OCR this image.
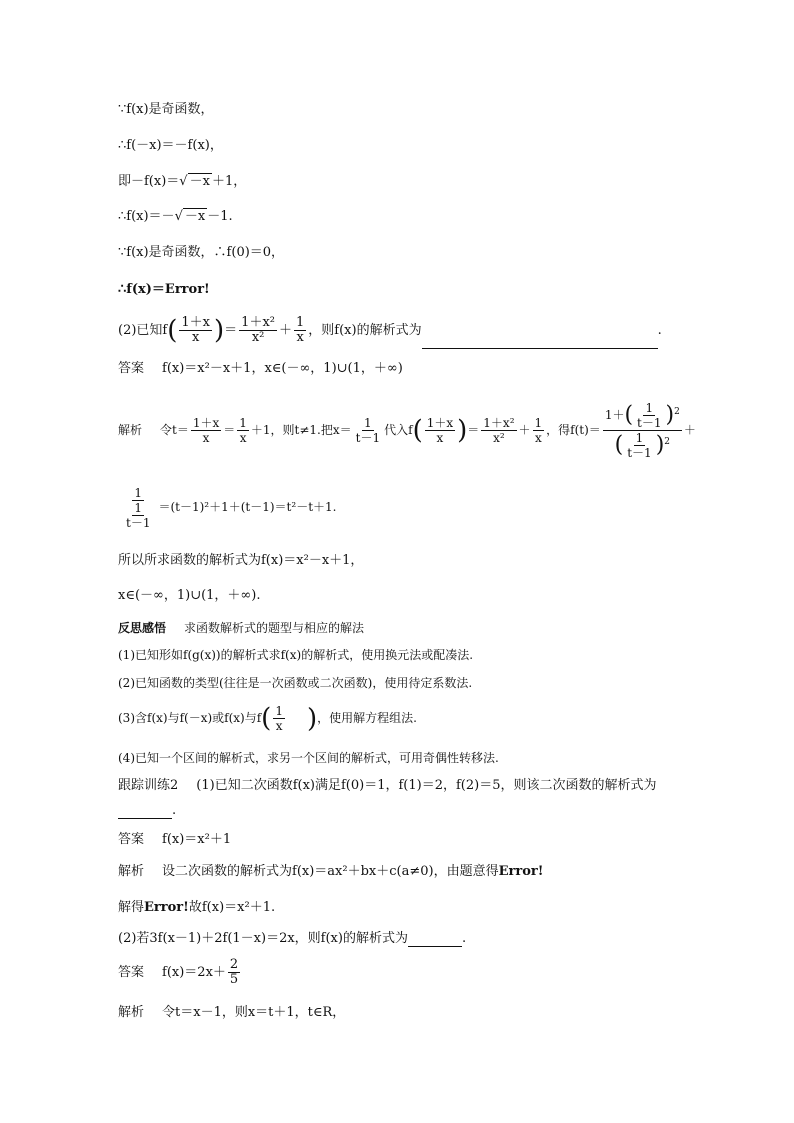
∵f(x)是奇函数，
∴f(－x)＝－f(x)，
即－f(x)＝√ －x ＋1，
∴f(x)＝－√ －x －1.
∵f(x)是奇函数，∴f(0)＝0，
∴f(x)＝Error!
(2)已知$f( \frac{1+x}{x}$ )＝ $\frac{\text{1＋x²}}{\text{x²}} + \frac{1}{x}$ ，则f(x)的解析式为	.
答案 f(x)＝x²－x＋1，x∈(－∞，1)∪(1，＋∞)
解析 令$t= \frac{1+x}{x} = \frac{1}{x} +1$，则t≠1.把$x= \frac{1}{t-1}$ 代入$f( \frac{1+x}{x}$ )＝ $\frac{\text{1＋x²}}{\text{x²}} + \frac{1}{x}$ ，得$f(t)= \frac{1+( \frac{1}{t-1} )^2}{( \frac{1}{t-1} )^2}$ ＋
$\frac{1}{\frac{1}{t-1}} =(t-1)^2+1+(t-1)=t^2-t+1$.
所以所求函数的解析式为f(x)＝x²－x＋1，
x∈(－∞，1)∪(1，＋∞).
反思感悟 求函数解析式的题型与相应的解法
(1)已知形如f(g(x))的解析式求f(x)的解析式，使用换元法或配凑法.
(2)已知函数的类型(往往是一次函数或二次函数)，使用待定系数法.
(3)含f(x)与f(－x)或f(x)与$f( \frac{1}{x}$ )，使用解方程组法.
(4)已知一个区间的解析式，求另一个区间的解析式，可用奇偶性转移法.
跟踪训练2 (1)已知二次函数f(x)满足f(0)＝1，f(1)＝2，f(2)＝5，则该二次函数的解析式为
.
答案 f(x)＝x²＋1
解析 设二次函数的解析式为f(x)＝ax²＋bx＋c(a≠0)，由题意得Error!
解得Error!故f(x)＝x²＋1.
(2)若3f(x－1)＋2f(1－x)＝2x，则f(x)的解析式为	.
答案 $f(x)=2x+ \frac{2}{5}$
解析 令t＝x－1，则x＝t＋1，t∈R，
